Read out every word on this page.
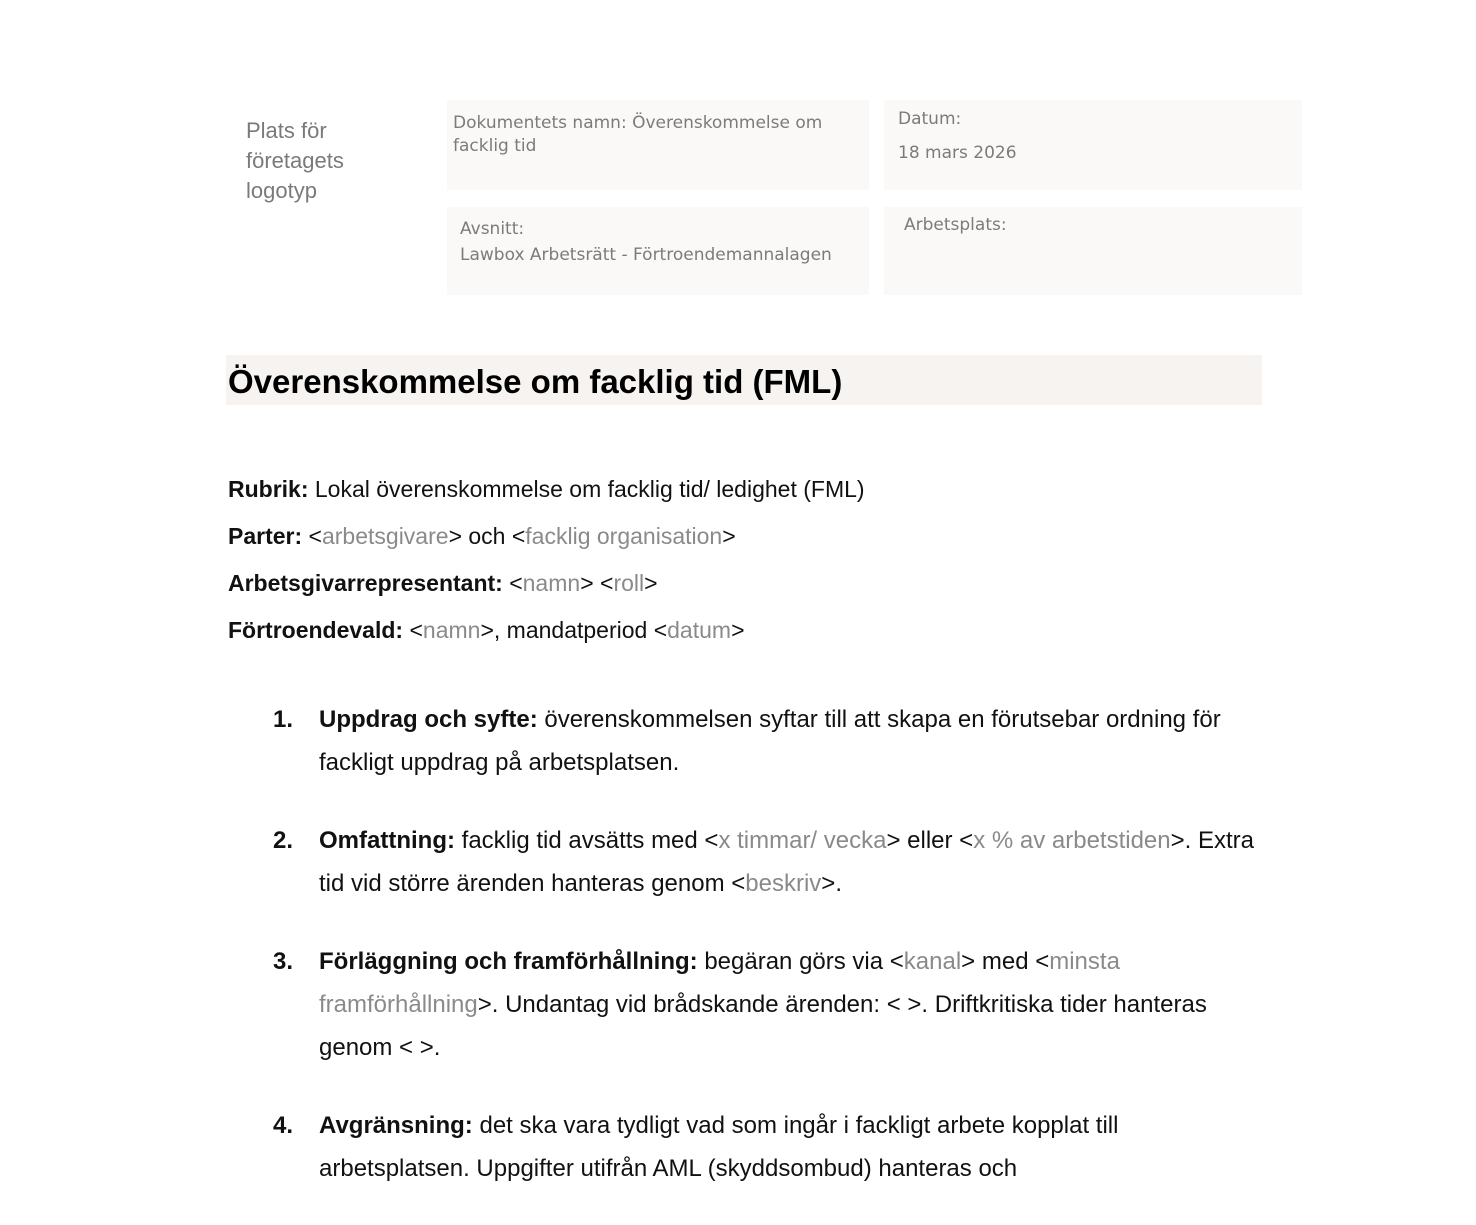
Plats för företagets logotyp
Dokumentets namn: Överenskommelse om facklig tid
Datum:
18 mars 2026
Avsnitt:
Lawbox Arbetsrätt - Förtroendemannalagen
Arbetsplats:
Överenskommelse om facklig tid (FML)
Rubrik: Lokal överenskommelse om facklig tid/ ledighet (FML)
Parter: <arbetsgivare> och <facklig organisation>
Arbetsgivarrepresentant: <namn> <roll>
Förtroendevald: <namn>, mandatperiod <datum>
1. Uppdrag och syfte: överenskommelsen syftar till att skapa en förutsebar ordning för fackligt uppdrag på arbetsplatsen.
2. Omfattning: facklig tid avsätts med <x timmar/ vecka> eller <x % av arbetstiden>. Extra tid vid större ärenden hanteras genom <beskriv>.
3. Förläggning och framförhållning: begäran görs via <kanal> med <minsta framförhållning>. Undantag vid brådskande ärenden: < >. Driftkritiska tider hanteras genom < >.
4. Avgränsning: det ska vara tydligt vad som ingår i fackligt arbete kopplat till arbetsplatsen. Uppgifter utifrån AML (skyddsombud) hanteras och
